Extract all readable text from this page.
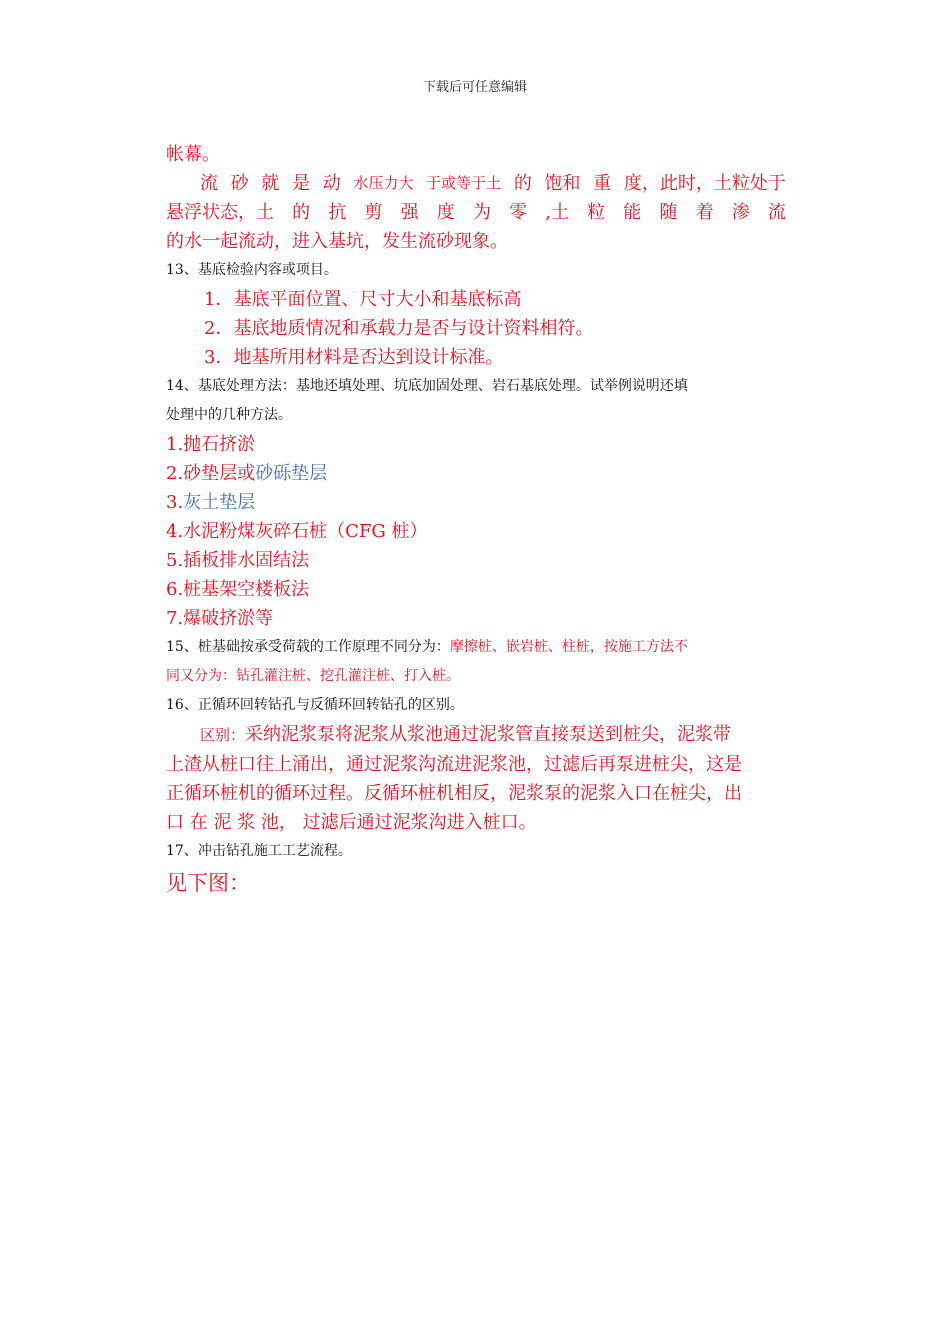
下载后可任意编辑
帐幕。
流 砂 就 是 动 水压力大 于或等于土 的 饱和 重 度，此时，土粒处于
悬浮状态，土 的 抗 剪 强 度 为 零 ,土 粒 能 随 着 渗 流
的水一起流动，进入基坑，发生流砂现象。
13、基底检验内容或项目。
1．基底平面位置、尺寸大小和基底标高
2．基底地质情况和承载力是否与设计资料相符。
3．地基所用材料是否达到设计标准。
14、基底处理方法：基地还填处理、坑底加固处理、岩石基底处理。试举例说明还填
处理中的几种方法。
1.抛石挤淤
2.砂垫层或砂砾垫层
3.灰土垫层
4.水泥粉煤灰碎石桩（CFG 桩）
5.插板排水固结法
6.桩基架空楼板法
7.爆破挤淤等
15、桩基础按承受荷载的工作原理不同分为：摩擦桩、嵌岩桩、柱桩，按施工方法不
同又分为：钻孔灌注桩、挖孔灌注桩、打入桩。
16、正循环回转钻孔与反循环回转钻孔的区别。
区别：采纳泥浆泵将泥浆从浆池通过泥浆管直接泵送到桩尖，泥浆带
上渣从桩口往上涌出，通过泥浆沟流进泥浆池，过滤后再泵进桩尖，这是
正循环桩机的循环过程。反循环桩机相反，泥浆泵的泥浆入口在桩尖，出
口 在 泥 浆 池， 过滤后通过泥浆沟进入桩口。
17、冲击钻孔施工工艺流程。
见下图：
